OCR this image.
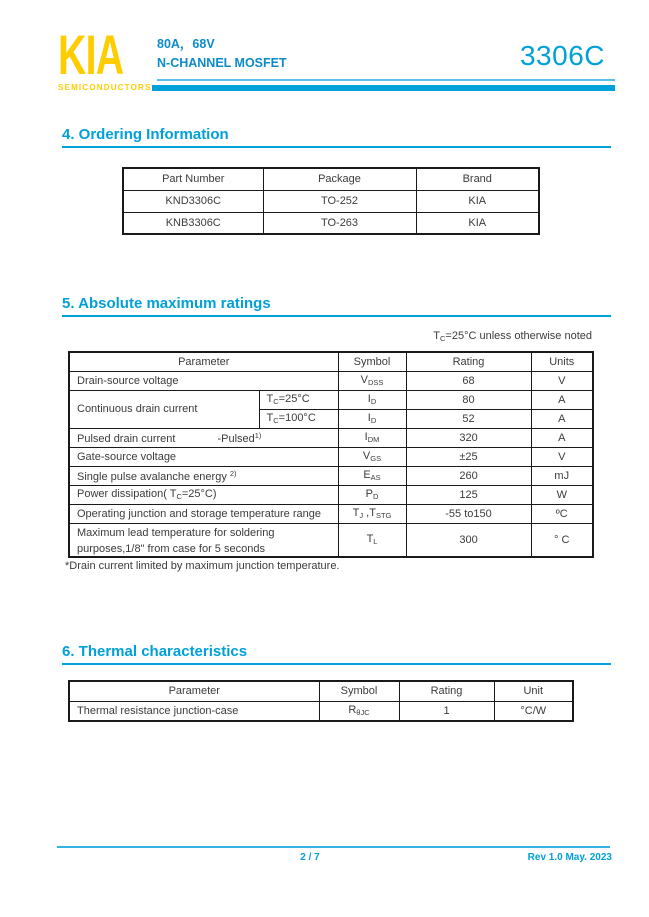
KIA
SEMICONDUCTORS
80A，68V
N-CHANNEL MOSFET	3306C
4. Ordering Information
Part Number	Package	Brand
KND3306C	TO-252	KIA
KNB3306C	TO-263	KIA
5. Absolute maximum ratings
TC=25°C unless otherwise noted
Parameter		Symbol	Rating	Units
Drain-source voltage		VDSS	68	V
Continuous drain current	TC=25°C	ID	80	A
	TC=100°C	ID	52	A
Pulsed drain current -Pulsed$^{1)}$		IDM	320	A
Gate-source voltage		VGS	±25	V
Single pulse avalanche energy $^{2)}$		EAS	260	mJ
Power dissipation( TC=25°C)		PD	125	W
Operating junction and storage temperature range		TJ ,TSTG	-55 to150	ºC

Maximum lead temperature for soldering
purposes,1/8" from case for 5 seconds		TL	300	° C
*Drain current limited by maximum junction temperature.
6. Thermal characteristics
Parameter	Symbol	Rating	Unit
Thermal resistance junction-case	RθJC	1	°C/W
2 / 7	Rev 1.0 May. 2023
